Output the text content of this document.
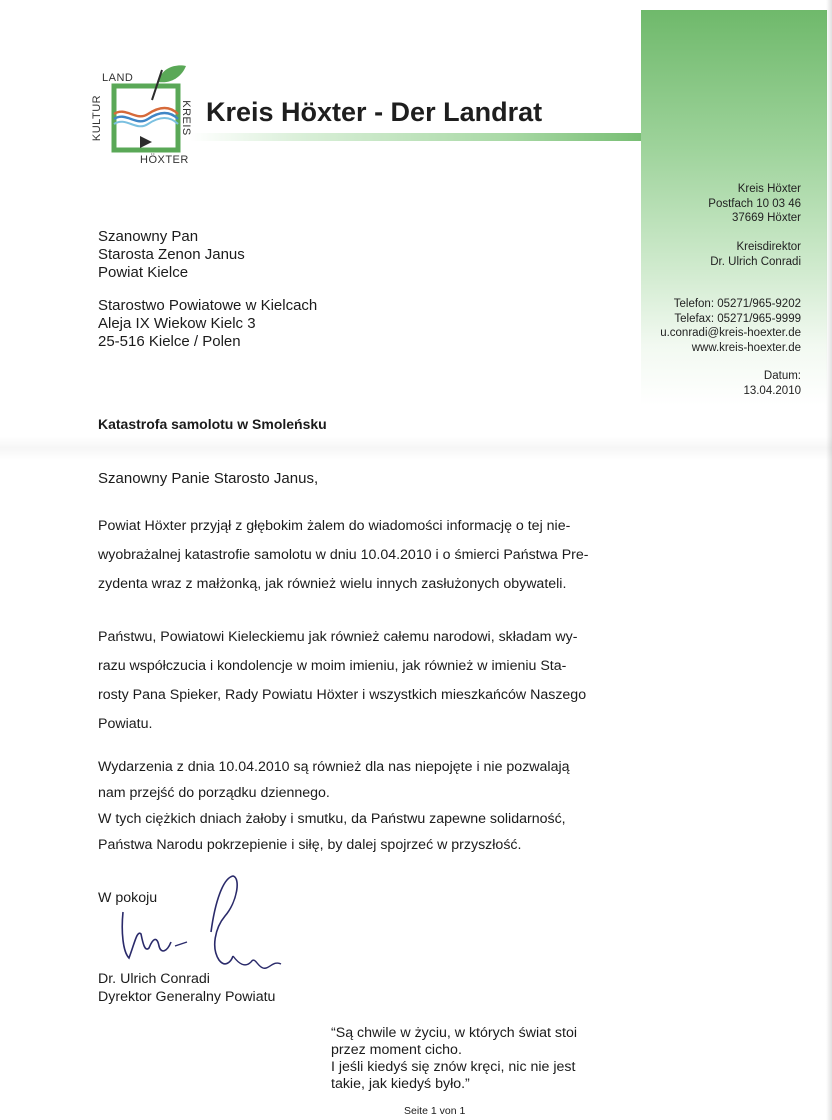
LAND
KULTUR	KREIS
HÖXTER
Kreis Höxter - Der Landrat
Szanowny Pan
Starosta Zenon Janus
Powiat Kielce
Starostwo Powiatowe w Kielcach
Aleja IX Wiekow Kielc 3
25-516 Kielce / Polen
Kreis Höxter
Postfach 10 03 46
37669 Höxter
Kreisdirektor
Dr. Ulrich Conradi
Telefon: 05271/965-9202
Telefax: 05271/965-9999
u.conradi@kreis-hoexter.de
www.kreis-hoexter.de
Datum:
13.04.2010
Katastrofa samolotu w Smoleńsku
Szanowny Panie Starosto Janus,
Powiat Höxter przyjął z głębokim żalem do wiadomości informację o tej nie-
wyobrażalnej katastrofie samolotu w dniu 10.04.2010 i o śmierci Państwa Pre-
zydenta wraz z małżonką, jak również wielu innych zasłużonych obywateli.
Państwu, Powiatowi Kieleckiemu jak również całemu narodowi, składam wy-
razu współczucia i kondolencje w moim imieniu, jak również w imieniu Sta-
rosty Pana Spieker, Rady Powiatu Höxter i wszystkich mieszkańców Naszego
Powiatu.
Wydarzenia z dnia 10.04.2010 są również dla nas niepojęte i nie pozwalają
nam przejść do porządku dziennego.
W tych ciężkich dniach żałoby i smutku, da Państwu zapewne solidarność,
Państwa Narodu pokrzepienie i siłę, by dalej spojrzeć w przyszłość.
W pokoju
Dr. Ulrich Conradi
Dyrektor Generalny Powiatu
“Są chwile w życiu, w których świat stoi
przez moment cicho.
I jeśli kiedyś się znów kręci, nic nie jest
takie, jak kiedyś było.”
Seite 1 von 1
